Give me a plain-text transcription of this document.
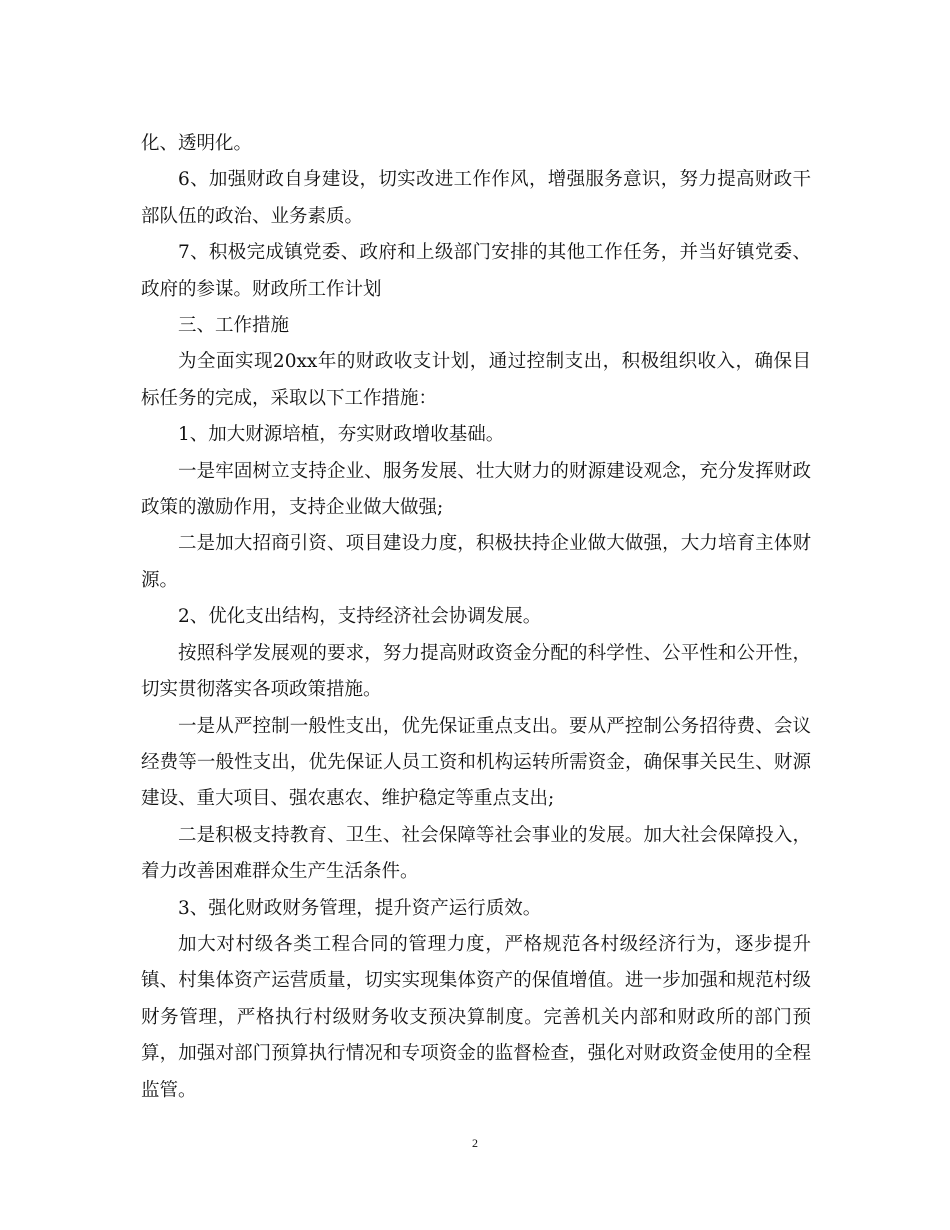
化、透明化。

6、加强财政自身建设，切实改进工作作风，增强服务意识，努力提高财政干部队伍的政治、业务素质。

7、积极完成镇党委、政府和上级部门安排的其他工作任务，并当好镇党委、政府的参谋。财政所工作计划

三、工作措施

为全面实现20xx年的财政收支计划，通过控制支出，积极组织收入，确保目标任务的完成，采取以下工作措施：

1、加大财源培植，夯实财政增收基础。

一是牢固树立支持企业、服务发展、壮大财力的财源建设观念，充分发挥财政政策的激励作用，支持企业做大做强;

二是加大招商引资、项目建设力度，积极扶持企业做大做强，大力培育主体财源。

2、优化支出结构，支持经济社会协调发展。

按照科学发展观的要求，努力提高财政资金分配的科学性、公平性和公开性，切实贯彻落实各项政策措施。

一是从严控制一般性支出，优先保证重点支出。要从严控制公务招待费、会议经费等一般性支出，优先保证人员工资和机构运转所需资金，确保事关民生、财源建设、重大项目、强农惠农、维护稳定等重点支出;

二是积极支持教育、卫生、社会保障等社会事业的发展。加大社会保障投入，着力改善困难群众生产生活条件。

3、强化财政财务管理，提升资产运行质效。

加大对村级各类工程合同的管理力度，严格规范各村级经济行为，逐步提升镇、村集体资产运营质量，切实实现集体资产的保值增值。进一步加强和规范村级财务管理，严格执行村级财务收支预决算制度。完善机关内部和财政所的部门预算，加强对部门预算执行情况和专项资金的监督检查，强化对财政资金使用的全程监管。

2
